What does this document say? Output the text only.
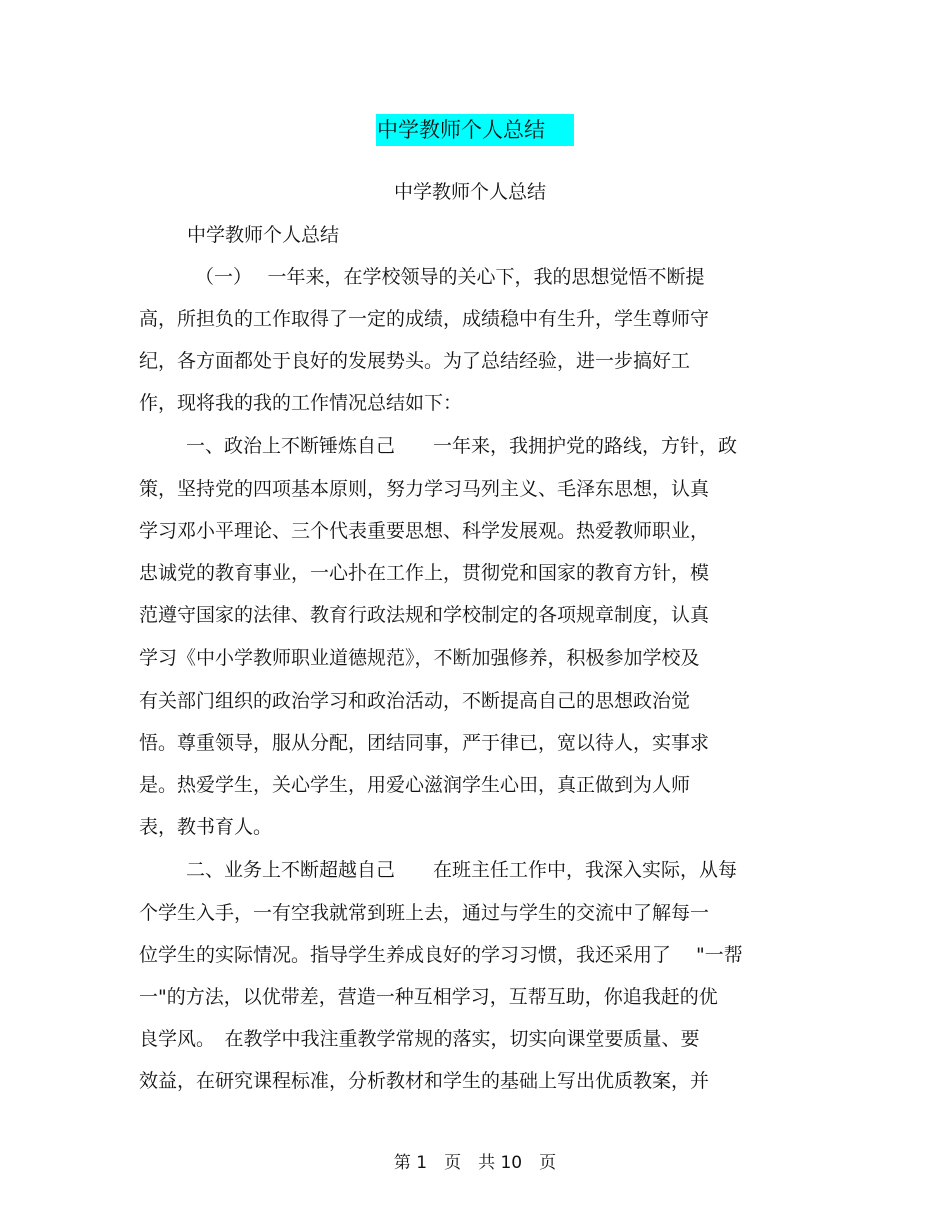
中学教师个人总结
中学教师个人总结
中学教师个人总结
（一）　 一年来，在学校领导的关心下，我的思想觉悟不断提
高，所担负的工作取得了一定的成绩，成绩稳中有生升，学生尊师守
纪，各方面都处于良好的发展势头。为了总结经验，进一步搞好工
作，现将我的我的工作情况总结如下：
一、政治上不断锤炼自己　　一年来，我拥护党的路线，方针，政
策，坚持党的四项基本原则，努力学习马列主义、毛泽东思想，认真
学习邓小平理论、三个代表重要思想、科学发展观。热爱教师职业，
忠诚党的教育事业，一心扑在工作上，贯彻党和国家的教育方针，模
范遵守国家的法律、教育行政法规和学校制定的各项规章制度，认真
学习《中小学教师职业道德规范》，不断加强修养，积极参加学校及
有关部门组织的政治学习和政治活动，不断提高自己的思想政治觉
悟。尊重领导，服从分配，团结同事，严于律已，宽以待人，实事求
是。热爱学生，关心学生，用爱心滋润学生心田，真正做到为人师
表，教书育人。
二、业务上不断超越自己　　在班主任工作中，我深入实际，从每
个学生入手，一有空我就常到班上去，通过与学生的交流中了解每一
位学生的实际情况。指导学生养成良好的学习习惯，我还采用了　 "一帮
一"的方法，以优带差，营造一种互相学习，互帮互助，你追我赶的优
良学风。　在教学中我注重教学常规的落实，切实向课堂要质量、要
效益，在研究课程标准，分析教材和学生的基础上写出优质教案，并
第 1　页　共 10　页
